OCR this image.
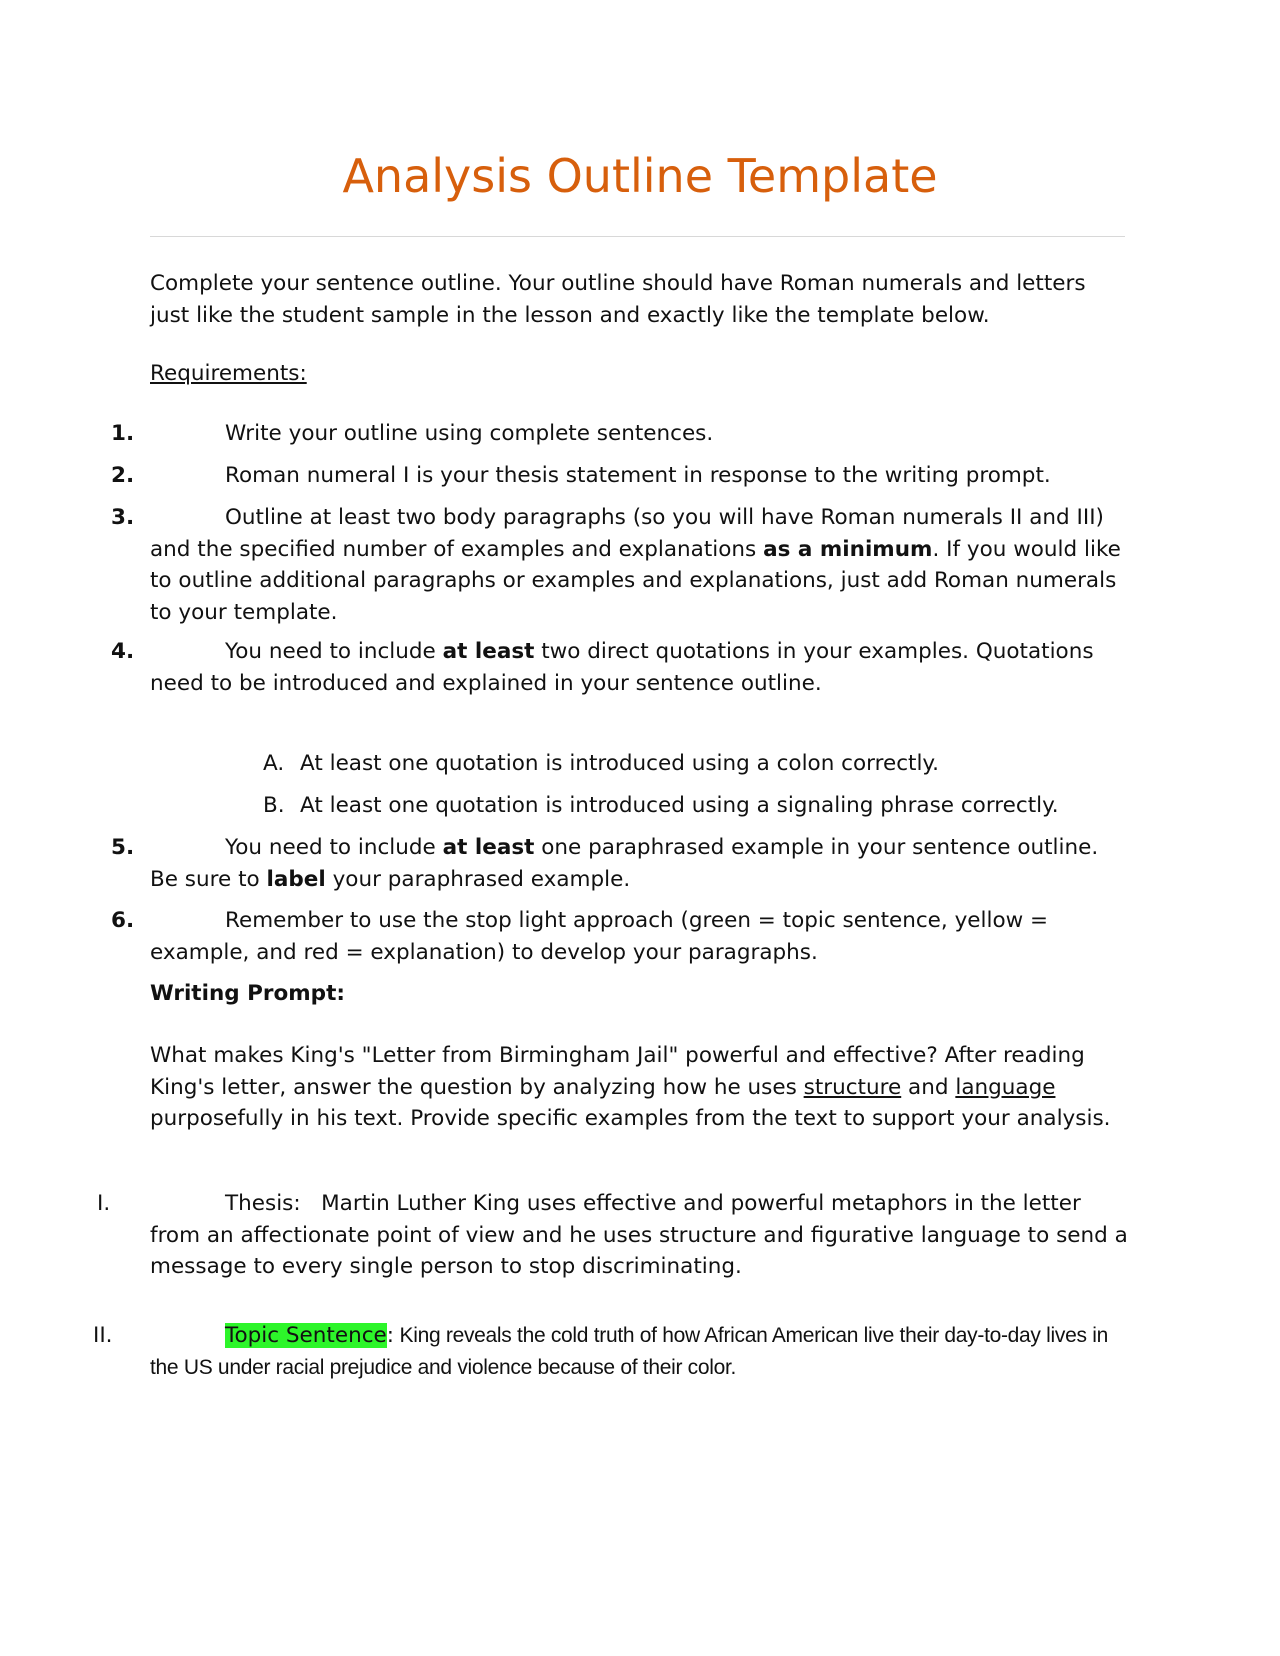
Analysis Outline Template
Complete your sentence outline. Your outline should have Roman numerals and letters just like the student sample in the lesson and exactly like the template below.
Requirements:
1.	Write your outline using complete sentences.
2.	Roman numeral I is your thesis statement in response to the writing prompt.
3.	Outline at least two body paragraphs (so you will have Roman numerals II and III) and the specified number of examples and explanations as a minimum. If you would like to outline additional paragraphs or examples and explanations, just add Roman numerals to your template.
4.	You need to include at least two direct quotations in your examples. Quotations need to be introduced and explained in your sentence outline.
A. At least one quotation is introduced using a colon correctly.
B. At least one quotation is introduced using a signaling phrase correctly.
5.	You need to include at least one paraphrased example in your sentence outline. Be sure to label your paraphrased example.
6.	Remember to use the stop light approach (green = topic sentence, yellow = example, and red = explanation) to develop your paragraphs.
Writing Prompt:
What makes King's "Letter from Birmingham Jail" powerful and effective? After reading King's letter, answer the question by analyzing how he uses structure and language purposefully in his text. Provide specific examples from the text to support your analysis.
I.	Thesis: Martin Luther King uses effective and powerful metaphors in the letter from an affectionate point of view and he uses structure and figurative language to send a message to every single person to stop discriminating.
II.	Topic Sentence: King reveals the cold truth of how African American live their day-to-day lives in the US under racial prejudice and violence because of their color.
